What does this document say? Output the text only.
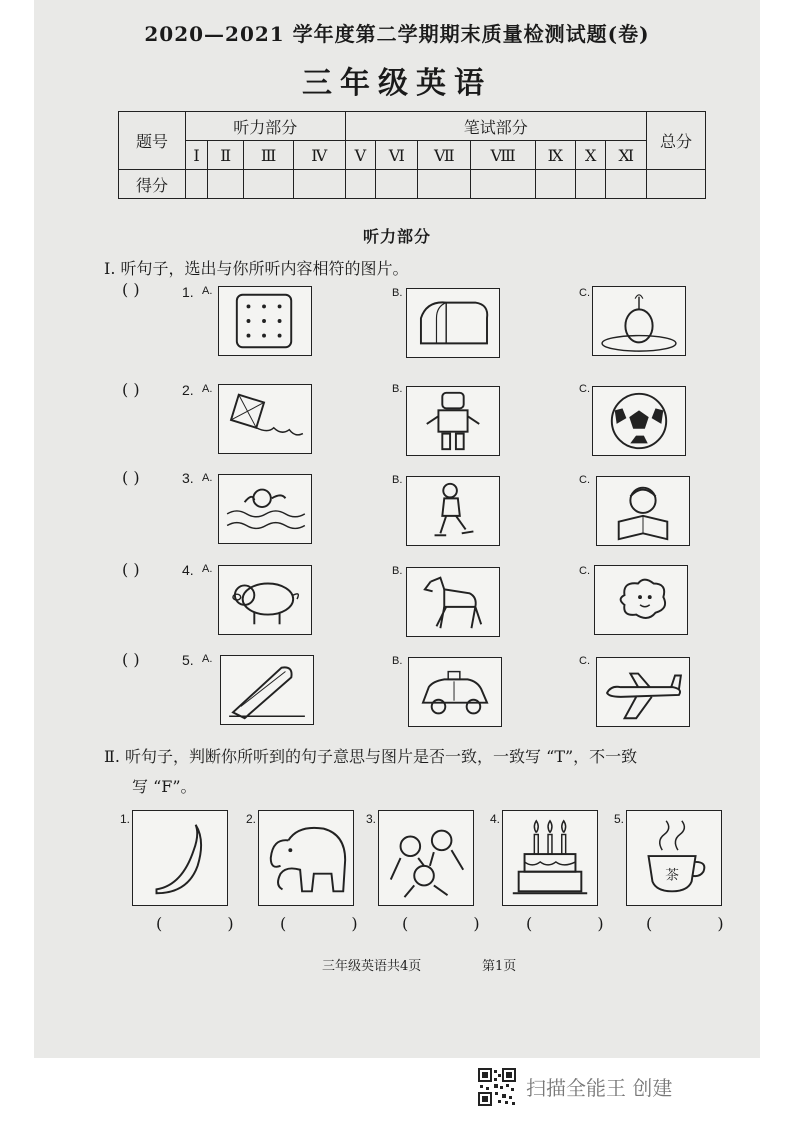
2020—2021 学年度第二学期期末质量检测试题(卷)
三年级英语
题号	听力部分				笔试部分							总分
	Ⅰ	Ⅱ	Ⅲ	Ⅳ	Ⅴ	Ⅵ	Ⅶ	Ⅷ	Ⅸ	Ⅹ	Ⅺ	
得分												
听力部分
Ⅰ. 听句子，选出与你所听内容相符的图片。
( )	1. A.	B.	C.
( )	2. A.	B.	C.
( )	3. A.	B.	C.
( )	4. A.	B.	C.
( )	5. A.	B.	C.
Ⅱ. 听句子，判断你所听到的句子意思与图片是否一致，一致写 “T”，不一致
写 “F”。
1.	2.	3.	4.	5.
茶
( ) ( ) ( ) ( ) ( )
三年级英语共4页	第1页
扫描全能王 创建
